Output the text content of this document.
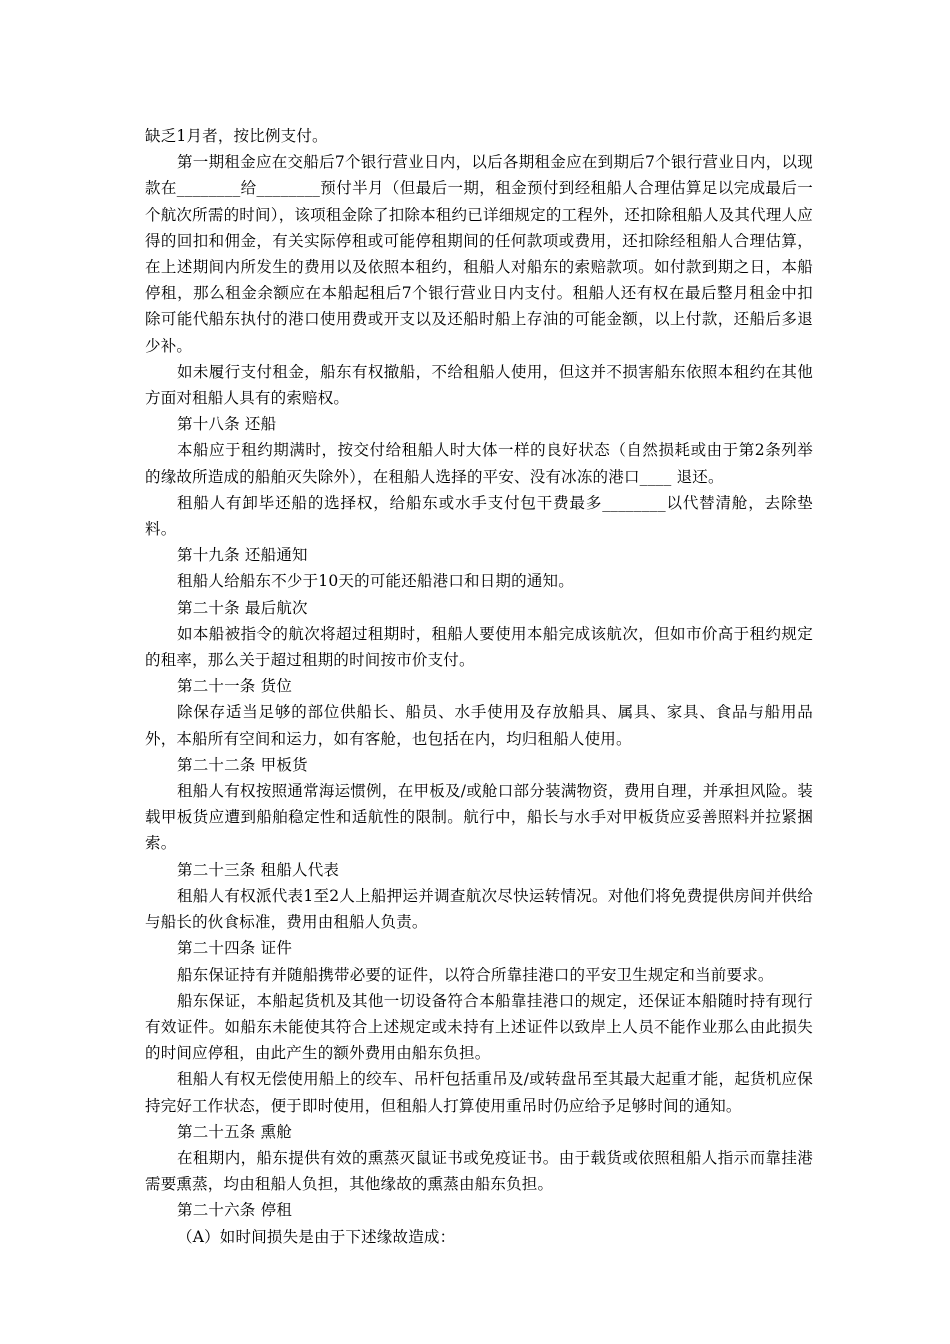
缺乏1月者，按比例支付。

第一期租金应在交船后7个银行营业日内，以后各期租金应在到期后7个银行营业日内，以现款在________给________预付半月（但最后一期，租金预付到经租船人合理估算足以完成最后一个航次所需的时间），该项租金除了扣除本租约已详细规定的工程外，还扣除租船人及其代理人应得的回扣和佣金，有关实际停租或可能停租期间的任何款项或费用，还扣除经租船人合理估算，在上述期间内所发生的费用以及依照本租约，租船人对船东的索赔款项。如付款到期之日，本船停租，那么租金余额应在本船起租后7个银行营业日内支付。租船人还有权在最后整月租金中扣除可能代船东执付的港口使用费或开支以及还船时船上存油的可能金额，以上付款，还船后多退少补。

如未履行支付租金，船东有权撤船，不给租船人使用，但这并不损害船东依照本租约在其他方面对租船人具有的索赔权。

第十八条 还船

本船应于租约期满时，按交付给租船人时大体一样的良好状态（自然损耗或由于第2条列举的缘故所造成的船舶灭失除外），在租船人选择的平安、没有冰冻的港口____ 退还。

租船人有卸毕还船的选择权，给船东或水手支付包干费最多________以代替清舱，去除垫料。

第十九条 还船通知

租船人给船东不少于10天的可能还船港口和日期的通知。

第二十条 最后航次

如本船被指令的航次将超过租期时，租船人要使用本船完成该航次，但如市价高于租约规定的租率，那么关于超过租期的时间按市价支付。

第二十一条 货位

除保存适当足够的部位供船长、船员、水手使用及存放船具、属具、家具、食品与船用品外，本船所有空间和运力，如有客舱，也包括在内，均归租船人使用。

第二十二条 甲板货

租船人有权按照通常海运惯例，在甲板及/或舱口部分装满物资，费用自理，并承担风险。装载甲板货应遭到船舶稳定性和适航性的限制。航行中，船长与水手对甲板货应妥善照料并拉紧捆索。

第二十三条 租船人代表

租船人有权派代表1至2人上船押运并调查航次尽快运转情况。对他们将免费提供房间并供给与船长的伙食标准，费用由租船人负责。

第二十四条 证件

船东保证持有并随船携带必要的证件，以符合所靠挂港口的平安卫生规定和当前要求。

船东保证，本船起货机及其他一切设备符合本船靠挂港口的规定，还保证本船随时持有现行有效证件。如船东未能使其符合上述规定或未持有上述证件以致岸上人员不能作业那么由此损失的时间应停租，由此产生的额外费用由船东负担。

租船人有权无偿使用船上的绞车、吊杆包括重吊及/或转盘吊至其最大起重才能，起货机应保持完好工作状态，便于即时使用，但租船人打算使用重吊时仍应给予足够时间的通知。

第二十五条 熏舱

在租期内，船东提供有效的熏蒸灭鼠证书或免疫证书。由于载货或依照租船人指示而靠挂港需要熏蒸，均由租船人负担，其他缘故的熏蒸由船东负担。

第二十六条 停租

（A）如时间损失是由于下述缘故造成：
